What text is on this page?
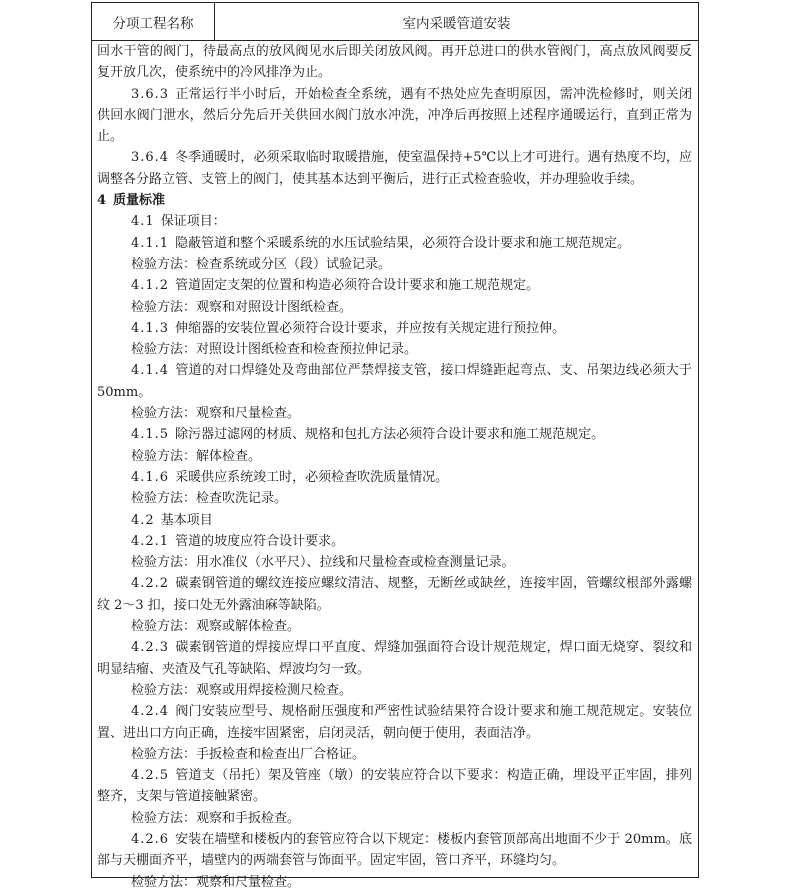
分项工程名称	室内采暖管道安装

回水干管的阀门，待最高点的放风阀见水后即关闭放风阀。再开总进口的供水管阀门，高点放风阀要反复开放几次，使系统中的冷风排净为止。

3.6.3 正常运行半小时后，开始检查全系统，遇有不热处应先查明原因，需冲洗检修时，则关闭供回水阀门泄水，然后分先后开关供回水阀门放水冲洗，冲净后再按照上述程序通暖运行，直到正常为止。

3.6.4 冬季通暖时，必须采取临时取暖措施，使室温保持+5℃以上才可进行。遇有热度不均，应调整各分路立管、支管上的阀门，使其基本达到平衡后，进行正式检查验收，并办理验收手续。

4 质量标准

4.1 保证项目：

4.1.1 隐蔽管道和整个采暖系统的水压试验结果，必须符合设计要求和施工规范规定。

检验方法：检查系统或分区（段）试验记录。

4.1.2 管道固定支架的位置和构造必须符合设计要求和施工规范规定。

检验方法：观察和对照设计图纸检查。

4.1.3 伸缩器的安装位置必须符合设计要求，并应按有关规定进行预拉伸。

检验方法：对照设计图纸检查和检查预拉伸记录。

4.1.4 管道的对口焊缝处及弯曲部位严禁焊接支管，接口焊缝距起弯点、支、吊架边线必须大于 50mm。

检验方法：观察和尺量检查。

4.1.5 除污器过滤网的材质、规格和包扎方法必须符合设计要求和施工规范规定。

检验方法：解体检查。

4.1.6 采暖供应系统竣工时，必须检查吹洗质量情况。

检验方法：检查吹洗记录。

4.2 基本项目

4.2.1 管道的坡度应符合设计要求。

检验方法：用水准仪（水平尺）、拉线和尺量检查或检查测量记录。

4.2.2 碳素钢管道的螺纹连接应螺纹清洁、规整，无断丝或缺丝，连接牢固，管螺纹根部外露螺纹 2～3 扣，接口处无外露油麻等缺陷。

检验方法：观察或解体检查。

4.2.3 碳素钢管道的焊接应焊口平直度、焊缝加强面符合设计规范规定，焊口面无烧穿、裂纹和明显结瘤、夹渣及气孔等缺陷、焊波均匀一致。

检验方法：观察或用焊接检测尺检查。

4.2.4 阀门安装应型号、规格耐压强度和严密性试验结果符合设计要求和施工规范规定。安装位置、进出口方向正确，连接牢固紧密，启闭灵活，朝向便于使用，表面洁净。

检验方法：手扳检查和检查出厂合格证。

4.2.5 管道支（吊托）架及管座（墩）的安装应符合以下要求：构造正确，埋设平正牢固，排列整齐，支架与管道接触紧密。

检验方法：观察和手扳检查。

4.2.6 安装在墙壁和楼板内的套管应符合以下规定：楼板内套管顶部高出地面不少于 20mm。底部与天棚面齐平，墙壁内的两端套管与饰面平。固定牢固，管口齐平，环缝均匀。

检验方法：观察和尺量检查。
